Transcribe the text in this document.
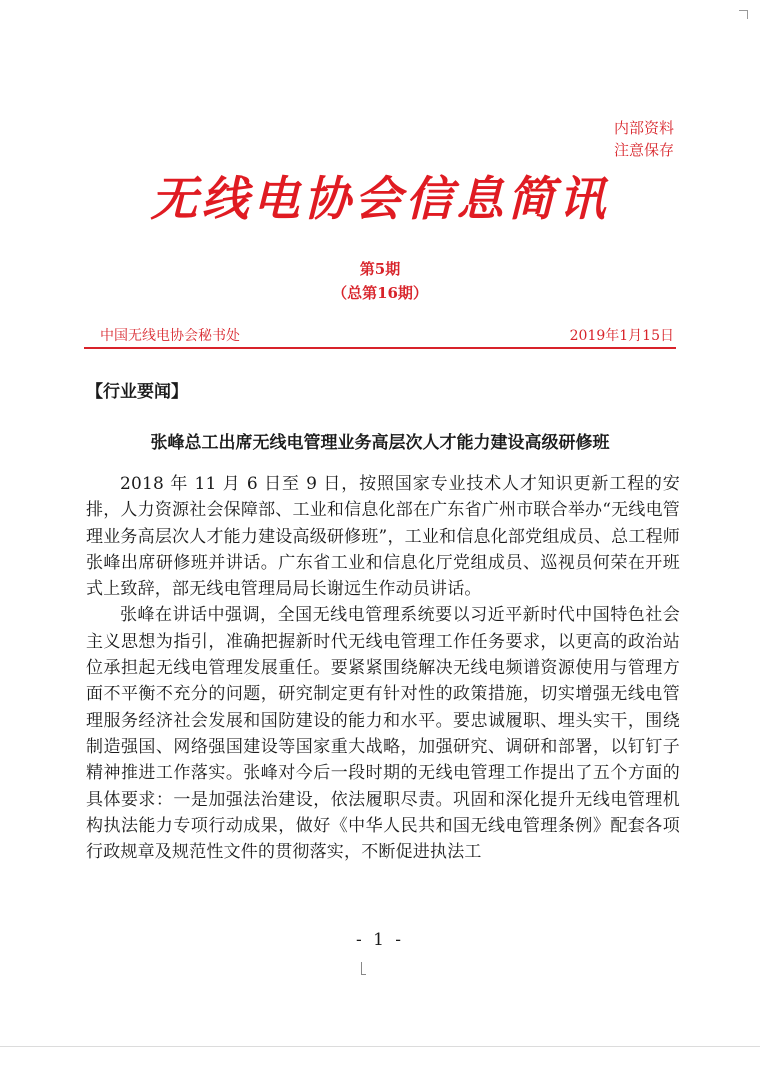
内部资料
注意保存
无线电协会信息简讯
第5期
（总第16期）
中国无线电协会秘书处	2019年1月15日
【行业要闻】
张峰总工出席无线电管理业务高层次人才能力建设高级研修班

2018 年 11 月 6 日至 9 日，按照国家专业技术人才知识更新工程的安排，人力资源社会保障部、工业和信息化部在广东省广州市联合举办“无线电管理业务高层次人才能力建设高级研修班”，工业和信息化部党组成员、总工程师张峰出席研修班并讲话。广东省工业和信息化厅党组成员、巡视员何荣在开班式上致辞，部无线电管理局局长谢远生作动员讲话。

张峰在讲话中强调，全国无线电管理系统要以习近平新时代中国特色社会主义思想为指引，准确把握新时代无线电管理工作任务要求，以更高的政治站位承担起无线电管理发展重任。要紧紧围绕解决无线电频谱资源使用与管理方面不平衡不充分的问题，研究制定更有针对性的政策措施，切实增强无线电管理服务经济社会发展和国防建设的能力和水平。要忠诚履职、埋头实干，围绕制造强国、网络强国建设等国家重大战略，加强研究、调研和部署，以钉钉子精神推进工作落实。张峰对今后一段时期的无线电管理工作提出了五个方面的具体要求：一是加强法治建设，依法履职尽责。巩固和深化提升无线电管理机构执法能力专项行动成果，做好《中华人民共和国无线电管理条例》配套各项行政规章及规范性文件的贯彻落实，不断促进执法工

- 1 -
